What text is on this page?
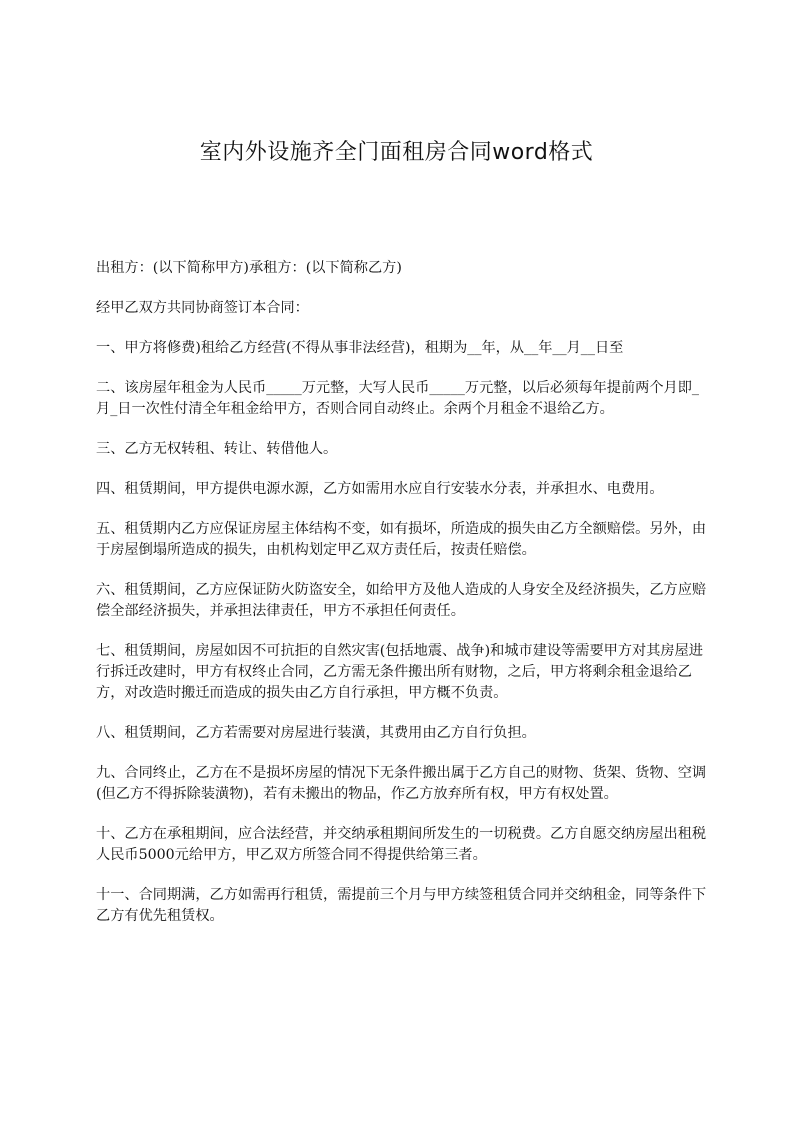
室内外设施齐全门面租房合同word格式

出租方：(以下简称甲方)承租方：(以下简称乙方)

经甲乙双方共同协商签订本合同：

一、甲方将修费)租给乙方经营(不得从事非法经营)，租期为__年，从__年__月__日至

二、该房屋年租金为人民币_____万元整，大写人民币_____万元整，以后必须每年提前两个月即_月_日一次性付清全年租金给甲方，否则合同自动终止。余两个月租金不退给乙方。

三、乙方无权转租、转让、转借他人。

四、租赁期间，甲方提供电源水源，乙方如需用水应自行安装水分表，并承担水、电费用。

五、租赁期内乙方应保证房屋主体结构不变，如有损坏，所造成的损失由乙方全额赔偿。另外，由于房屋倒塌所造成的损失，由机构划定甲乙双方责任后，按责任赔偿。

六、租赁期间，乙方应保证防火防盗安全，如给甲方及他人造成的人身安全及经济损失，乙方应赔偿全部经济损失，并承担法律责任，甲方不承担任何责任。

七、租赁期间，房屋如因不可抗拒的自然灾害(包括地震、战争)和城市建设等需要甲方对其房屋进行拆迁改建时，甲方有权终止合同，乙方需无条件搬出所有财物，之后，甲方将剩余租金退给乙方，对改造时搬迁而造成的损失由乙方自行承担，甲方概不负责。

八、租赁期间，乙方若需要对房屋进行装潢，其费用由乙方自行负担。

九、合同终止，乙方在不是损坏房屋的情况下无条件搬出属于乙方自己的财物、货架、货物、空调(但乙方不得拆除装潢物)，若有未搬出的物品，作乙方放弃所有权，甲方有权处置。

十、乙方在承租期间，应合法经营，并交纳承租期间所发生的一切税费。乙方自愿交纳房屋出租税人民币5000元给甲方，甲乙双方所签合同不得提供给第三者。

十一、合同期满，乙方如需再行租赁，需提前三个月与甲方续签租赁合同并交纳租金，同等条件下乙方有优先租赁权。
